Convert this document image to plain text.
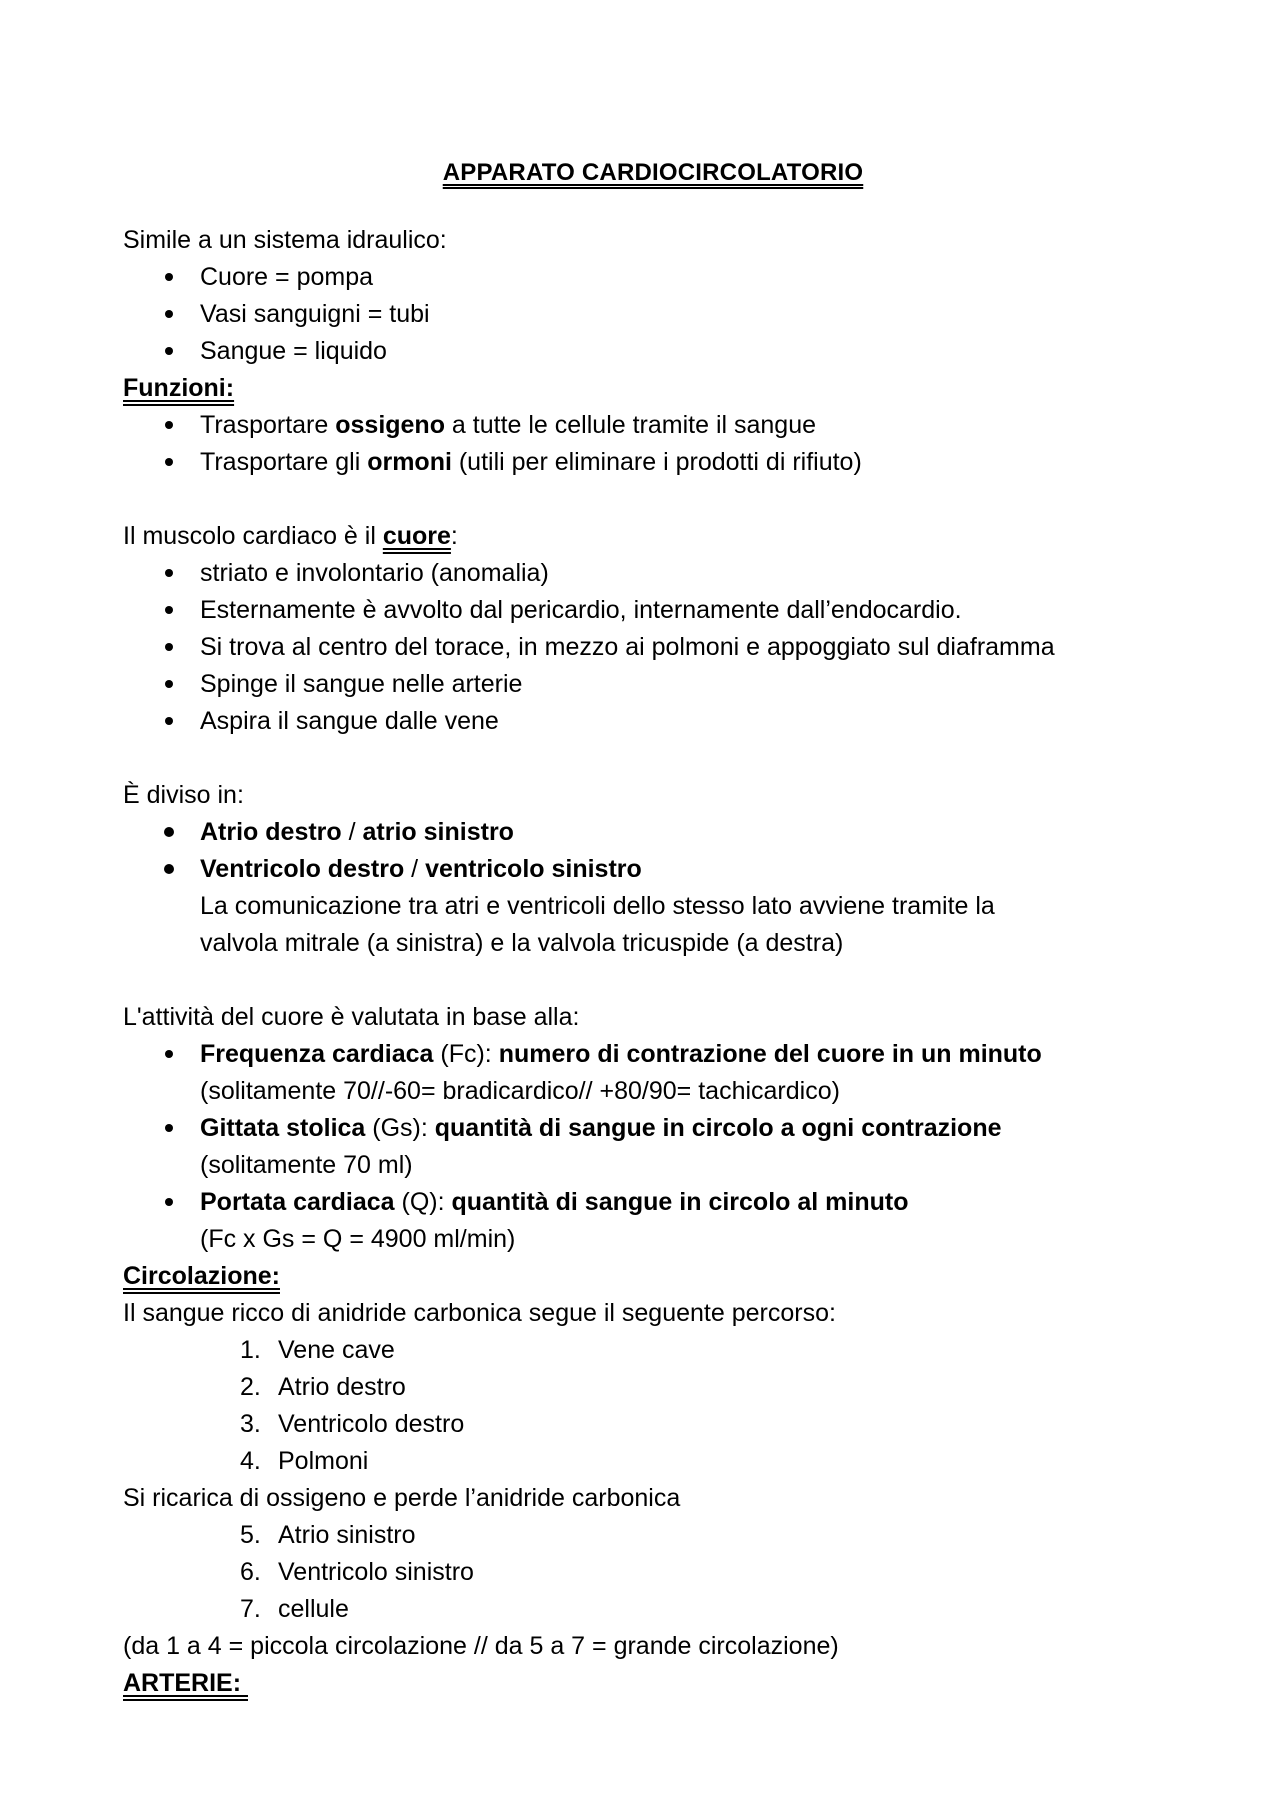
APPARATO CARDIOCIRCOLATORIO

Simile a un sistema idraulico:

Cuore = pompa
Vasi sanguigni = tubi
Sangue = liquido

Funzioni:

Trasportare ossigeno a tutte le cellule tramite il sangue
Trasportare gli ormoni (utili per eliminare i prodotti di rifiuto)

Il muscolo cardiaco è il cuore:

striato e involontario (anomalia)
Esternamente è avvolto dal pericardio, internamente dall’endocardio.
Si trova al centro del torace, in mezzo ai polmoni e appoggiato sul diaframma
Spinge il sangue nelle arterie
Aspira il sangue dalle vene

È diviso in:

Atrio destro / atrio sinistro
Ventricolo destro / ventricolo sinistro
La comunicazione tra atri e ventricoli dello stesso lato avviene tramite la
valvola mitrale (a sinistra) e la valvola tricuspide (a destra)

L'attività del cuore è valutata in base alla:

Frequenza cardiaca (Fc): numero di contrazione del cuore in un minuto
(solitamente 70//-60= bradicardico// +80/90= tachicardico)
Gittata stolica (Gs): quantità di sangue in circolo a ogni contrazione
(solitamente 70 ml)
Portata cardiaca (Q): quantità di sangue in circolo al minuto
(Fc x Gs = Q = 4900 ml/min)

Circolazione:

Il sangue ricco di anidride carbonica segue il seguente percorso:

1. Vene cave
2. Atrio destro
3. Ventricolo destro
4. Polmoni

Si ricarica di ossigeno e perde l’anidride carbonica

5. Atrio sinistro
6. Ventricolo sinistro
7. cellule

(da 1 a 4 = piccola circolazione // da 5 a 7 = grande circolazione)

ARTERIE:
